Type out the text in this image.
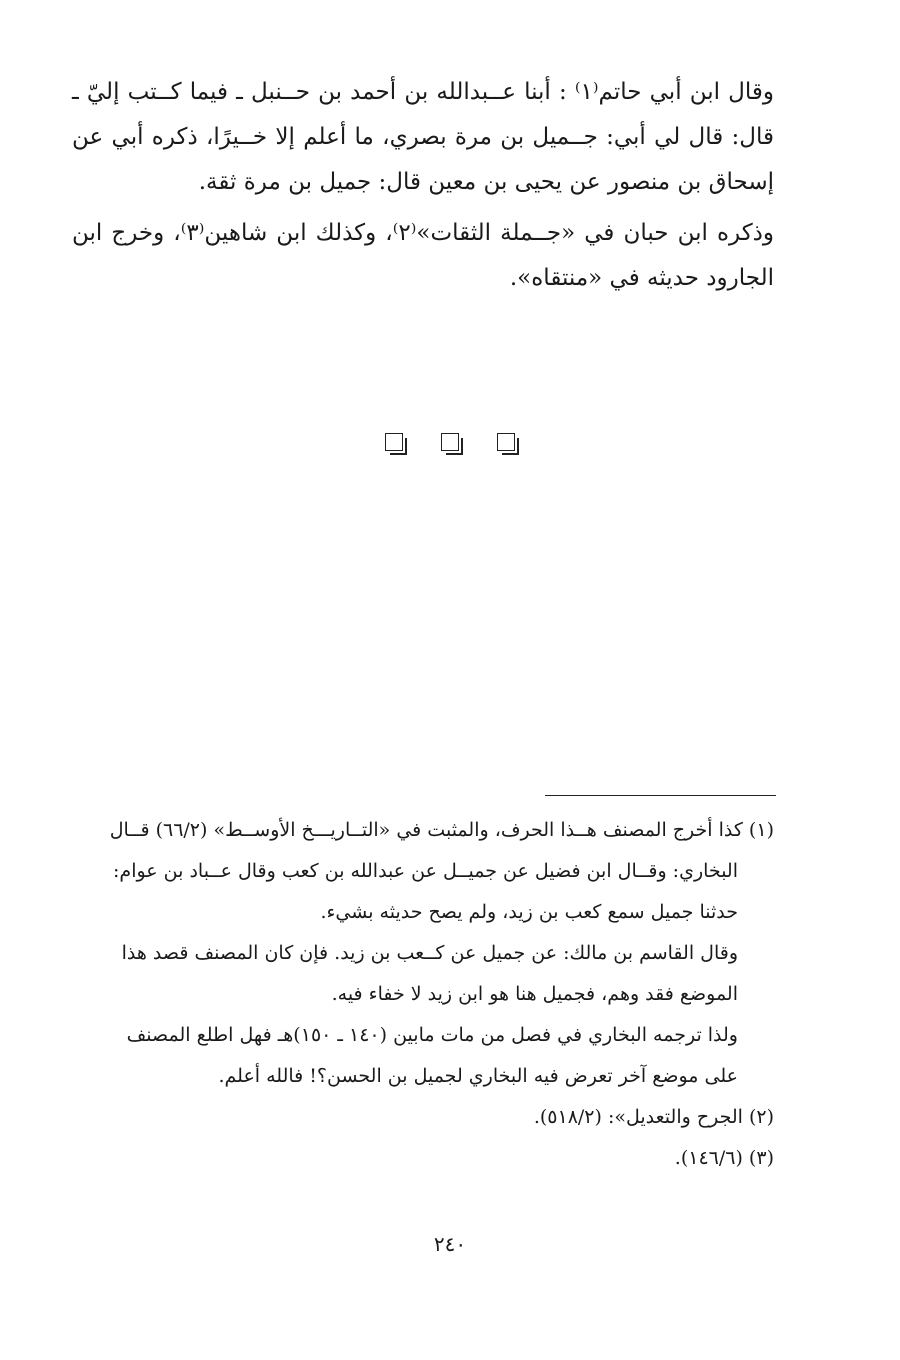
وقال ابن أبي حاتم⁽١⁾ : أبنا عــبدالله بن أحمد بن حــنبل ـ فيما كــتب إليّ ـ قال: قال لي أبي: جــميل بن مرة بصري، ما أعلم إلا خــيرًا، ذكره أبي عن إسحاق بن منصور عن يحيى بن معين قال: جميل بن مرة ثقة.

وذكره ابن حبان في «جــملة الثقات»⁽٢⁾، وكذلك ابن شاهين⁽٣⁾، وخرج ابن الجارود حديثه في «منتقاه».

(١) كذا أخرج المصنف هــذا الحرف، والمثبت في «التــاريـــخ الأوســط» (٦٦/٢) قــال

البخاري: وقــال ابن فضيل عن جميــل عن عبدالله بن كعب وقال عــباد بن عوام:

حدثنا جميل سمع كعب بن زيد، ولم يصح حديثه بشيء.

وقال القاسم بن مالك: عن جميل عن كــعب بن زيد. فإن كان المصنف قصد هذا

الموضع فقد وهم، فجميل هنا هو ابن زيد لا خفاء فيه.

ولذا ترجمه البخاري في فصل من مات مابين (١٤٠ ـ ١٥٠)هـ فهل اطلع المصنف

على موضع آخر تعرض فيه البخاري لجميل بن الحسن؟! فالله أعلم.

(٢) الجرح والتعديل»: (٥١٨/٢).

(٣) (١٤٦/٦).

٢٤٠
